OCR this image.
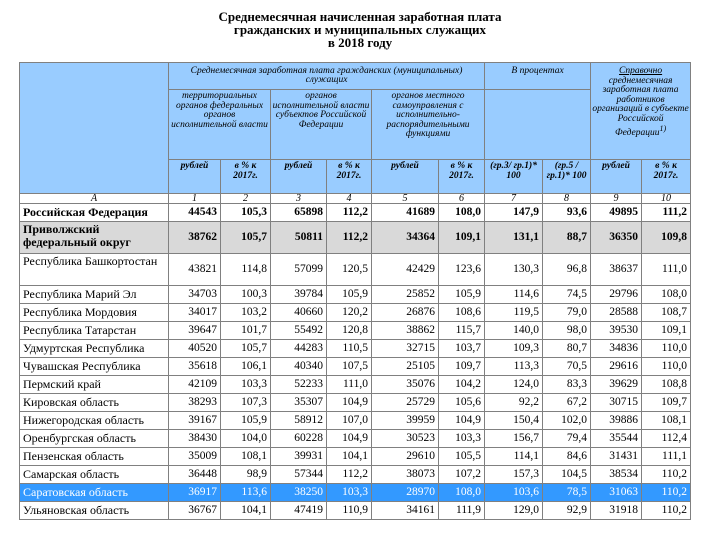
Среднемесячная начисленная заработная плата
гражданских и муниципальных служащих
в 2018 году
	Среднемесячная заработная плата гражданских (муниципальных) служащих						В процентах		Справочно среднемесячная заработная плата работников организаций в субъекте Российской Федерации$^{1)}$
	территориальных органов федеральных органов исполнительной власти		органов исполнительной власти субъектов Российской Федерации		органов местного самоуправления с исполнительно-распорядительными функциями					
	рублей	в % к 2017г.	рублей	в % к 2017г.	рублей	в % к 2017г.	(гр.3/ гр.1)* 100	(гр.5 / гр.1)* 100	рублей	в % к 2017г.
А	1	2	3	4	5	6	7	8	9	10
Российская Федерация	44543	105,3	65898	112,2	41689	108,0	147,9	93,6	49895	111,2
Приволжский федеральный округ	38762	105,7	50811	112,2	34364	109,1	131,1	88,7	36350	109,8
Республика Башкортостан	43821	114,8	57099	120,5	42429	123,6	130,3	96,8	38637	111,0
Республика Марий Эл	34703	100,3	39784	105,9	25852	105,9	114,6	74,5	29796	108,0
Республика Мордовия	34017	103,2	40660	120,2	26876	108,6	119,5	79,0	28588	108,7
Республика Татарстан	39647	101,7	55492	120,8	38862	115,7	140,0	98,0	39530	109,1
Удмуртская Республика	40520	105,7	44283	110,5	32715	103,7	109,3	80,7	34836	110,0
Чувашская Республика	35618	106,1	40340	107,5	25105	109,7	113,3	70,5	29616	110,0
Пермский край	42109	103,3	52233	111,0	35076	104,2	124,0	83,3	39629	108,8
Кировская область	38293	107,3	35307	104,9	25729	105,6	92,2	67,2	30715	109,7
Нижегородская область	39167	105,9	58912	107,0	39959	104,9	150,4	102,0	39886	108,1
Оренбургская область	38430	104,0	60228	104,9	30523	103,3	156,7	79,4	35544	112,4
Пензенская область	35009	108,1	39931	104,1	29610	105,5	114,1	84,6	31431	111,1
Самарская область	36448	98,9	57344	112,2	38073	107,2	157,3	104,5	38534	110,2
Саратовская область	36917	113,6	38250	103,3	28970	108,0	103,6	78,5	31063	110,2
Ульяновская область	36767	104,1	47419	110,9	34161	111,9	129,0	92,9	31918	110,2
